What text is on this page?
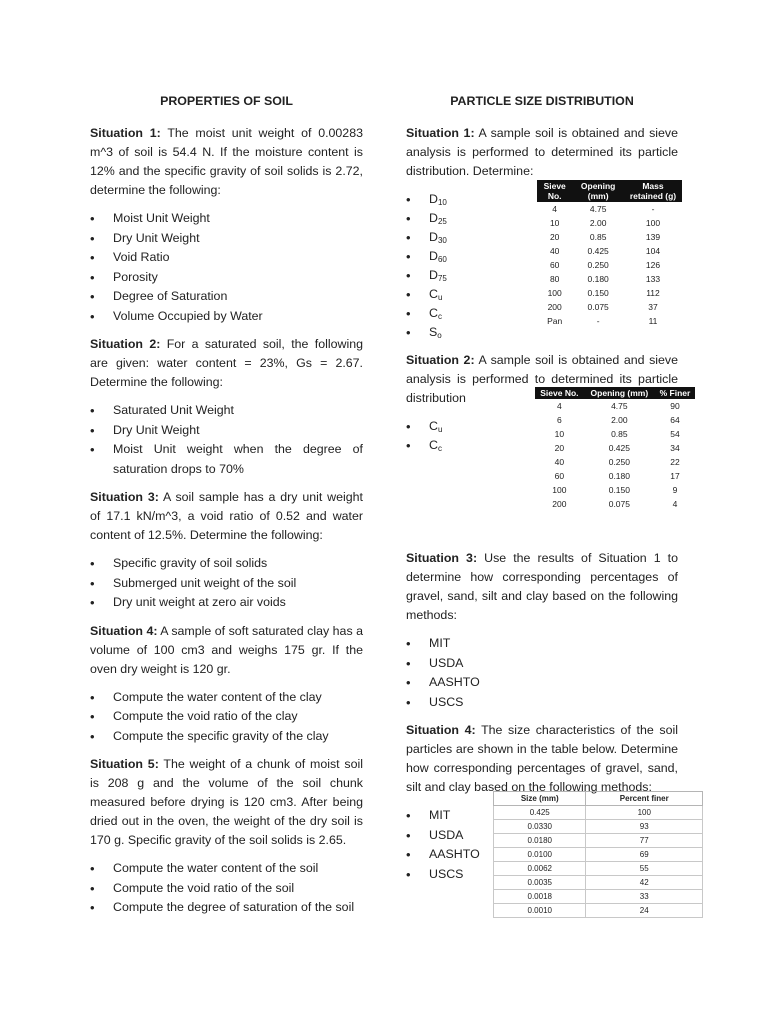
PROPERTIES OF SOIL

Situation 1: The moist unit weight of 0.00283 m^3 of soil is 54.4 N. If the moisture content is 12% and the specific gravity of soil solids is 2.72, determine the following:

• Moist Unit Weight
• Dry Unit Weight
• Void Ratio
• Porosity
• Degree of Saturation
• Volume Occupied by Water

Situation 2: For a saturated soil, the following are given: water content = 23%, Gs = 2.67. Determine the following:

• Saturated Unit Weight
• Dry Unit Weight
• Moist Unit weight when the degree of saturation drops to 70%

Situation 3: A soil sample has a dry unit weight of 17.1 kN/m^3, a void ratio of 0.52 and water content of 12.5%. Determine the following:

• Specific gravity of soil solids
• Submerged unit weight of the soil
• Dry unit weight at zero air voids

Situation 4: A sample of soft saturated clay has a volume of 100 cm3 and weighs 175 gr. If the oven dry weight is 120 gr.

• Compute the water content of the clay
• Compute the void ratio of the clay
• Compute the specific gravity of the clay

Situation 5: The weight of a chunk of moist soil is 208 g and the volume of the soil chunk measured before drying is 120 cm3. After being dried out in the oven, the weight of the dry soil is 170 g. Specific gravity of the soil solids is 2.65.

• Compute the water content of the soil
• Compute the void ratio of the soil
• Compute the degree of saturation of the soil
PARTICLE SIZE DISTRIBUTION

Situation 1: A sample soil is obtained and sieve analysis is performed to determined its particle distribution. Determine:

• $D_{10}$
• $D_{25}$
• $D_{30}$
• $D_{60}$
• $D_{75}$
• $C_u$
• $C_c$
• $S_o$
Sieve No.	Opening (mm)	Mass retained (g)
4	4.75	-
10	2.00	100
20	0.85	139
40	0.425	104
60	0.250	126
80	0.180	133
100	0.150	112
200	0.075	37
Pan	-	11

Situation 2: A sample soil is obtained and sieve analysis is performed to determined its particle distribution

• $C_u$
• $C_c$
Sieve No.	Opening (mm)	% Finer
4	4.75	90
6	2.00	64
10	0.85	54
20	0.425	34
40	0.250	22
60	0.180	17
100	0.150	9
200	0.075	4

Situation 3: Use the results of Situation 1 to determine how corresponding percentages of gravel, sand, silt and clay based on the following methods:

• MIT
• USDA
• AASHTO
• USCS

Situation 4: The size characteristics of the soil particles are shown in the table below. Determine how corresponding percentages of gravel, sand, silt and clay based on the following methods:

• MIT
• USDA
• AASHTO
• USCS
Size (mm)	Percent finer
0.425	100
0.0330	93
0.0180	77
0.0100	69
0.0062	55
0.0035	42
0.0018	33
0.0010	24
